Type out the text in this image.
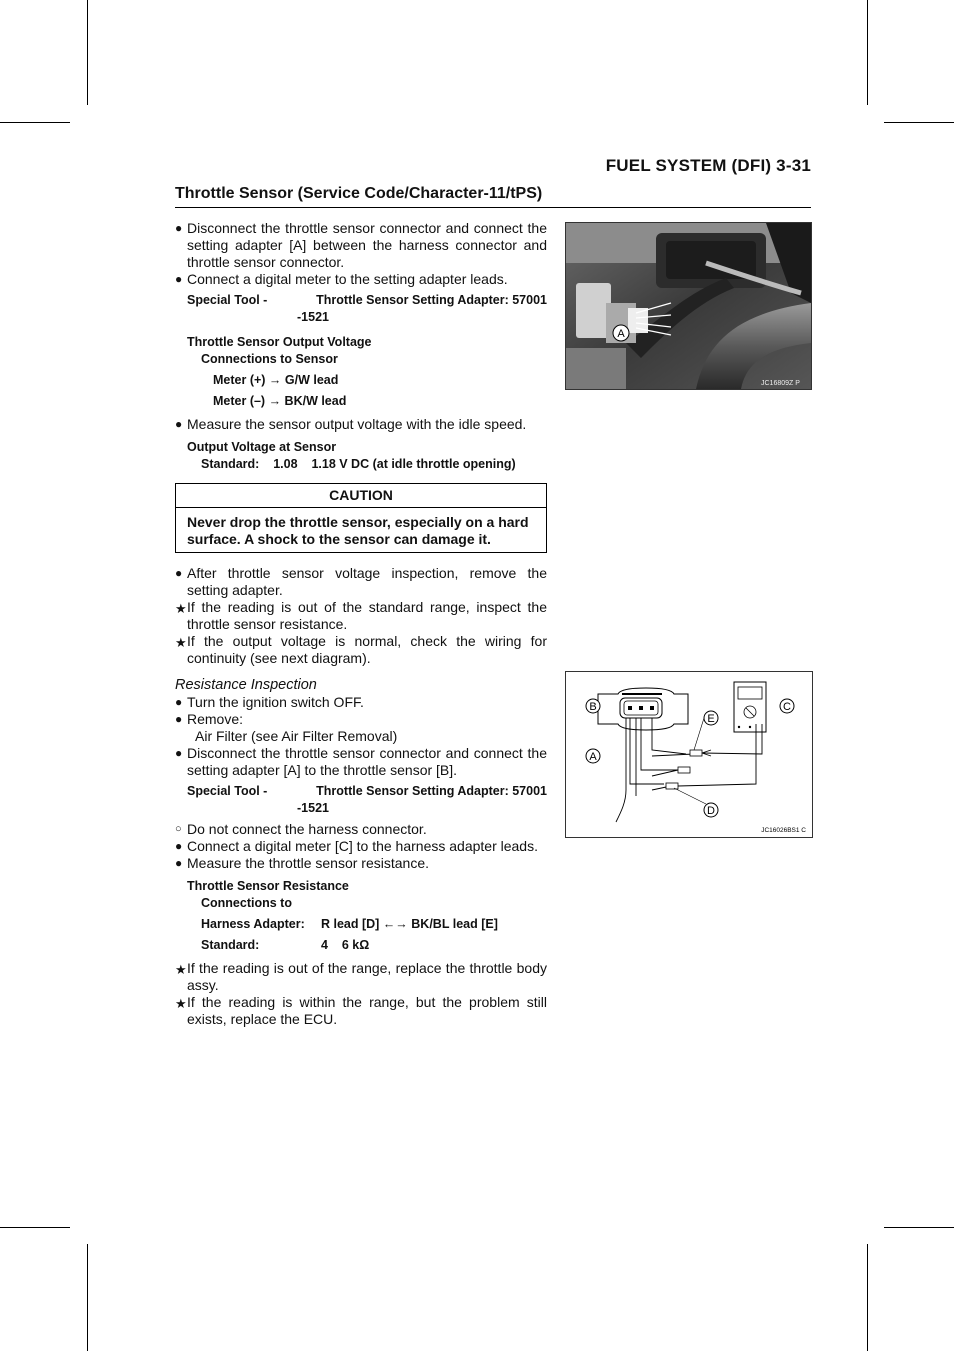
FUEL SYSTEM (DFI) 3-31
Throttle Sensor (Service Code/Character-11/tPS)
● Disconnect the throttle sensor connector and connect the setting adapter [A] between the harness connector and throttle sensor connector.
● Connect a digital meter to the setting adapter leads.
Special Tool -	Throttle Sensor Setting Adapter: 57001
-1521
Throttle Sensor Output Voltage
Connections to Sensor
Meter (+) → G/W lead
Meter (–) → BK/W lead
● Measure the sensor output voltage with the idle speed.
Output Voltage at Sensor
Standard:    1.08    1.18 V DC (at idle throttle opening)
CAUTION
Never drop the throttle sensor, especially on a hard surface. A shock to the sensor can damage it.
● After throttle sensor voltage inspection, remove the setting adapter.
★ If the reading is out of the standard range, inspect the throttle sensor resistance.
★ If the output voltage is normal, check the wiring for continuity (see next diagram).
Resistance Inspection
● Turn the ignition switch OFF.
● Remove:
Air Filter (see Air Filter Removal)
● Disconnect the throttle sensor connector and connect the setting adapter [A] to the throttle sensor [B].
Special Tool -	Throttle Sensor Setting Adapter: 57001
-1521
○ Do not connect the harness connector.
● Connect a digital meter [C] to the harness adapter leads.
● Measure the throttle sensor resistance.
Throttle Sensor Resistance
Connections to
Harness Adapter:	R lead [D] ←→ BK/BL lead [E]
Standard:	4    6 kΩ
★ If the reading is out of the range, replace the throttle body assy.
★ If the reading is within the range, but the problem still exists, replace the ECU.
A
JC16809Z P
B
A
C
E
D
JC16026BS1 C
